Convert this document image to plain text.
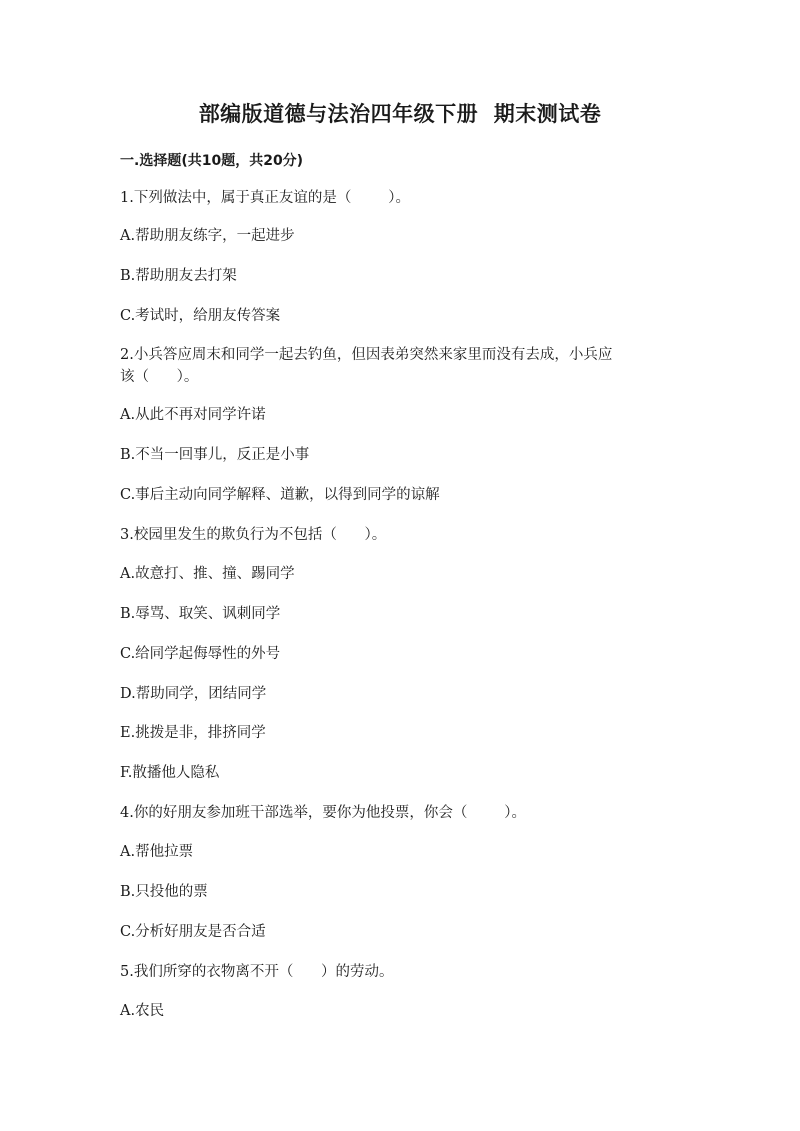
部编版道德与法治四年级下册  期末测试卷
一.选择题(共10题，共20分)
1.下列做法中，属于真正友谊的是（        ）。
A.帮助朋友练字，一起进步
B.帮助朋友去打架
C.考试时，给朋友传答案
2.小兵答应周末和同学一起去钓鱼，但因表弟突然来家里而没有去成，小兵应
该（      ）。
A.从此不再对同学许诺
B.不当一回事儿，反正是小事
C.事后主动向同学解释、道歉，以得到同学的谅解
3.校园里发生的欺负行为不包括（      ）。
A.故意打、推、撞、踢同学
B.辱骂、取笑、讽刺同学
C.给同学起侮辱性的外号
D.帮助同学，团结同学
E.挑拨是非，排挤同学
F.散播他人隐私
4.你的好朋友参加班干部选举，要你为他投票，你会（        ）。
A.帮他拉票
B.只投他的票
C.分析好朋友是否合适
5.我们所穿的衣物离不开（      ）的劳动。
A.农民
